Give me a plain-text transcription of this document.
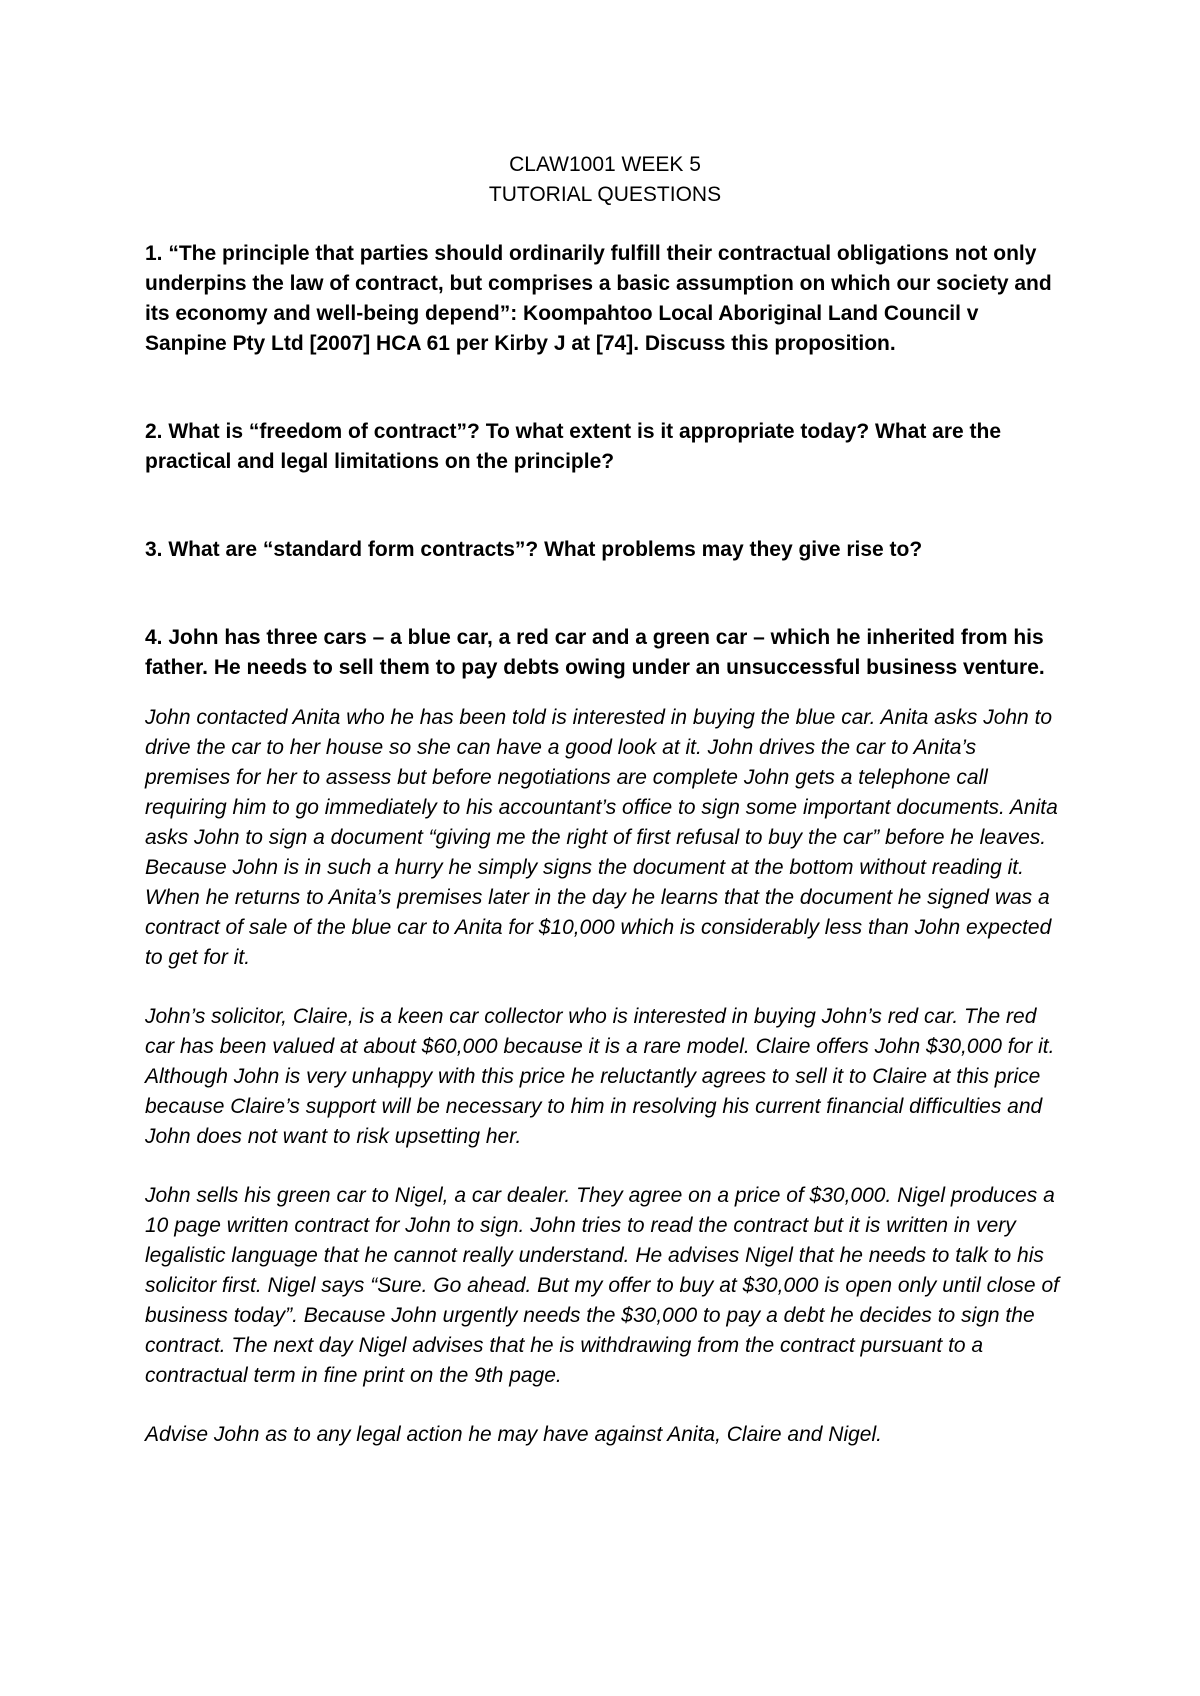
CLAW1001 WEEK 5
TUTORIAL QUESTIONS

1. “The principle that parties should ordinarily fulfill their contractual obligations not only underpins the law of contract, but comprises a basic assumption on which our society and its economy and well-being depend”: Koompahtoo Local Aboriginal Land Council v Sanpine Pty Ltd [2007] HCA 61 per Kirby J at [74]. Discuss this proposition.

2. What is “freedom of contract”? To what extent is it appropriate today? What are the practical and legal limitations on the principle?

3. What are “standard form contracts”? What problems may they give rise to?

4. John has three cars – a blue car, a red car and a green car – which he inherited from his father. He needs to sell them to pay debts owing under an unsuccessful business venture.

John contacted Anita who he has been told is interested in buying the blue car. Anita asks John to drive the car to her house so she can have a good look at it. John drives the car to Anita’s premises for her to assess but before negotiations are complete John gets a telephone call requiring him to go immediately to his accountant’s office to sign some important documents. Anita asks John to sign a document “giving me the right of first refusal to buy the car” before he leaves. Because John is in such a hurry he simply signs the document at the bottom without reading it. When he returns to Anita’s premises later in the day he learns that the document he signed was a contract of sale of the blue car to Anita for $10,000 which is considerably less than John expected to get for it.

John’s solicitor, Claire, is a keen car collector who is interested in buying John’s red car. The red car has been valued at about $60,000 because it is a rare model. Claire offers John $30,000 for it. Although John is very unhappy with this price he reluctantly agrees to sell it to Claire at this price because Claire’s support will be necessary to him in resolving his current financial difficulties and John does not want to risk upsetting her.

John sells his green car to Nigel, a car dealer. They agree on a price of $30,000. Nigel produces a 10 page written contract for John to sign. John tries to read the contract but it is written in very legalistic language that he cannot really understand. He advises Nigel that he needs to talk to his solicitor first. Nigel says “Sure. Go ahead. But my offer to buy at $30,000 is open only until close of business today”. Because John urgently needs the $30,000 to pay a debt he decides to sign the contract. The next day Nigel advises that he is withdrawing from the contract pursuant to a contractual term in fine print on the 9th page.

Advise John as to any legal action he may have against Anita, Claire and Nigel.
